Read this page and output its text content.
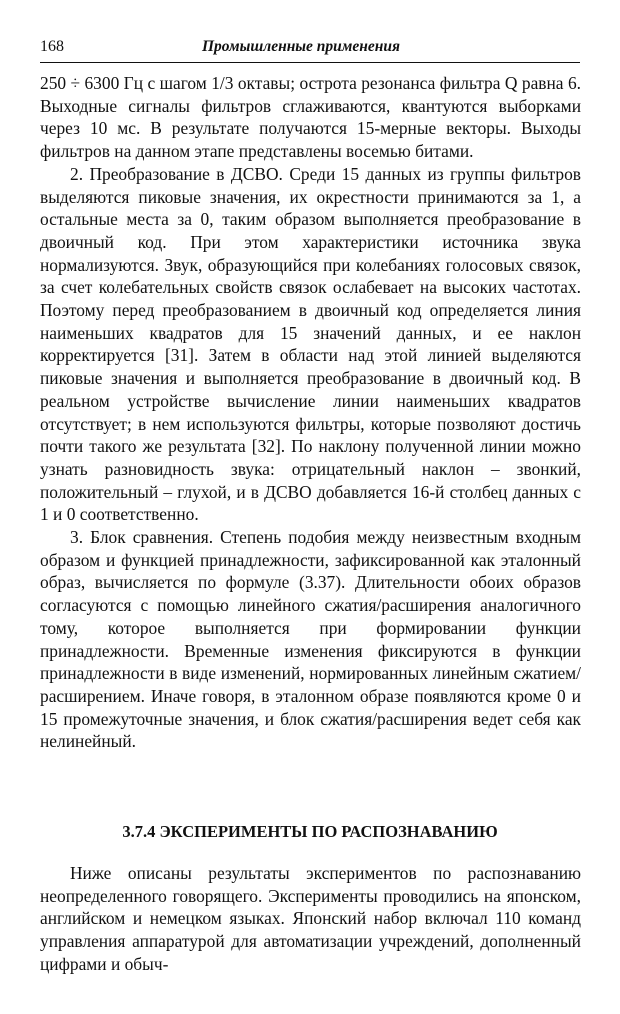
168	Промышленные применения

250 ÷ 6300 Гц с шагом 1/3 октавы; острота резонанса фильтра Q равна 6. Выходные сигналы фильтров сглаживаются, квантуются выборками через 10 мс. В результате получаются 15-мерные векторы. Выходы фильтров на данном этапе представлены восемью битами.

2. Преобразование в ДСВО. Среди 15 данных из группы фильтров выделяются пиковые значения, их окрестности принимаются за 1, а остальные места за 0, таким образом выполняется преобразование в двоичный код. При этом характеристики источника звука нормализуются. Звук, образующийся при колебаниях голосовых связок, за счет колебательных свойств связок ослабевает на высоких частотах. Поэтому перед преобразованием в двоичный код определяется линия наименьших квадратов для 15 значений данных, и ее наклон корректируется [31]. Затем в области над этой линией выделяются пиковые значения и выполняется преобразование в двоичный код. В реальном устройстве вычисление линии наименьших квадратов отсутствует; в нем используются фильтры, которые позволяют достичь почти такого же результата [32]. По наклону полученной линии можно узнать разновидность звука: отрицательный наклон – звонкий, положительный – глухой, и в ДСВО добавляется 16-й столбец данных с 1 и 0 соответственно.

3. Блок сравнения. Степень подобия между неизвестным входным образом и функцией принадлежности, зафиксированной как эталонный образ, вычисляется по формуле (3.37). Длительности обоих образов согласуются с помощью линейного сжатия/расширения аналогичного тому, которое выполняется при формировании функции принадлежности. Временные изменения фиксируются в функции принадлежности в виде изменений, нормированных линейным сжатием/расширением. Иначе говоря, в эталонном образе появляются кроме 0 и 15 промежуточные значения, и блок сжатия/расширения ведет себя как нелинейный.

3.7.4 ЭКСПЕРИМЕНТЫ ПО РАСПОЗНАВАНИЮ

Ниже описаны результаты экспериментов по распознаванию неопределенного говорящего. Эксперименты проводились на японском, английском и немецком языках. Японский набор включал 110 команд управления аппаратурой для автоматизации учреждений, дополненный цифрами и обыч-
